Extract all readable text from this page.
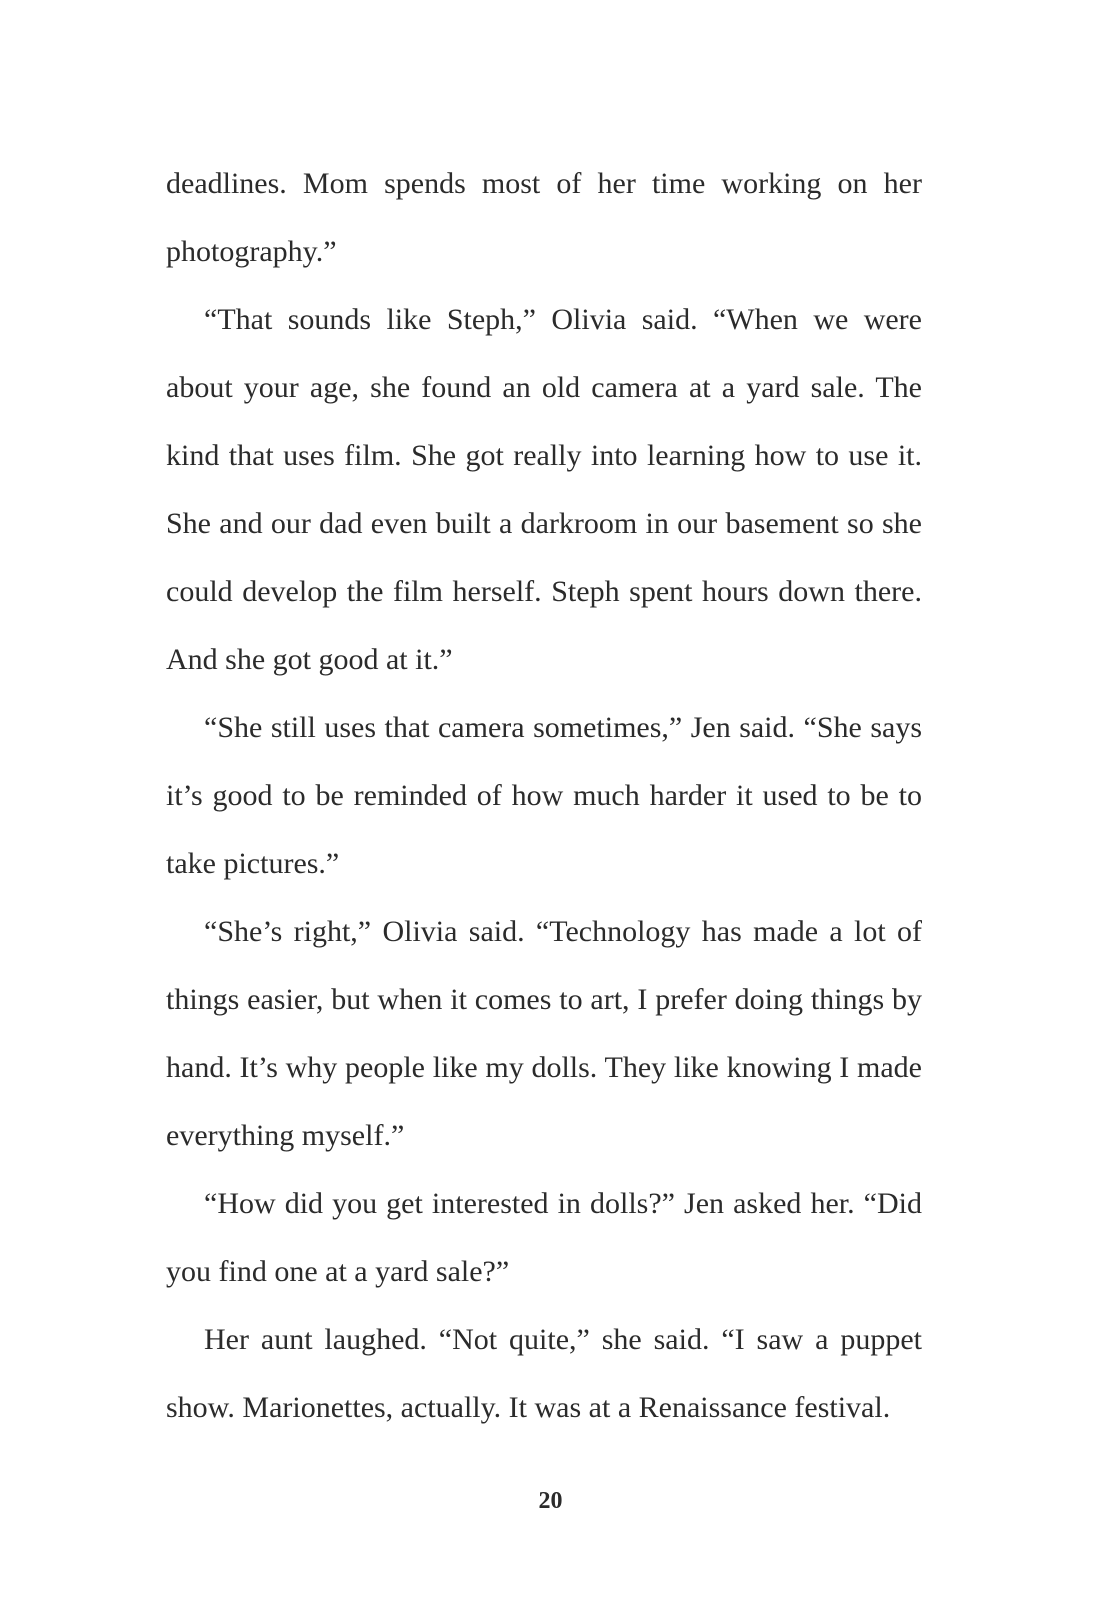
deadlines. Mom spends most of her time working on her photography.”

“That sounds like Steph,” Olivia said. “When we were about your age, she found an old camera at a yard sale. The kind that uses film. She got really into learning how to use it. She and our dad even built a darkroom in our basement so she could develop the film herself. Steph spent hours down there. And she got good at it.”

“She still uses that camera sometimes,” Jen said. “She says it’s good to be reminded of how much harder it used to be to take pictures.”

“She’s right,” Olivia said. “Technology has made a lot of things easier, but when it comes to art, I prefer doing things by hand. It’s why people like my dolls. They like knowing I made everything myself.”

“How did you get interested in dolls?” Jen asked her. “Did you find one at a yard sale?”

Her aunt laughed. “Not quite,” she said. “I saw a puppet show. Marionettes, actually. It was at a Renaissance festival.

20
